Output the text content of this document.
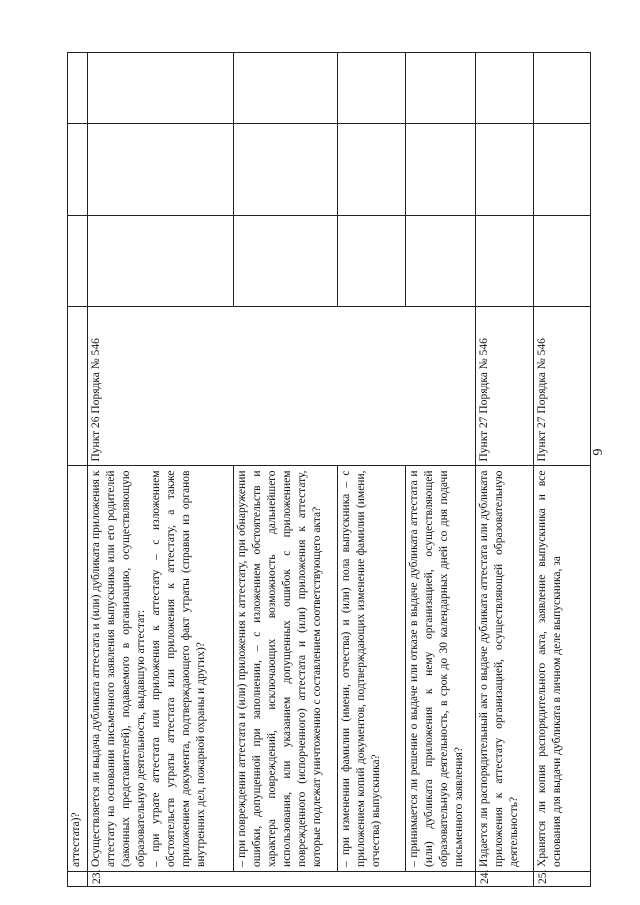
6
	аттестата)?				
23.	Осуществляется ли выдача дубликата аттестата и (или) дубликата приложения к аттестату на основании письменного заявления выпускника или его родителей (законных представителей), подаваемого в организацию, осуществляющую образовательную деятельность, выдавшую аттестат: – при утрате аттестата или приложения к аттестату – с изложением обстоятельств утраты аттестата или приложения к аттестату, а также приложением документа, подтверждающего факт утраты (справки из органов внутренних дел, пожарной охраны и других)?	Пункт 26 Порядка № 546			
	– при повреждении аттестата и (или) приложения к аттестату, при обнаружении ошибки, допущенной при заполнении, – с изложением обстоятельств и характера повреждений, исключающих возможность дальнейшего использования, или указанием допущенных ошибок с приложением поврежденного (испорченного) аттестата и (или) приложения к аттестату, которые подлежат уничтожению с составлением соответствующего акта?				
	– при изменении фамилии (имени, отчества) и (или) пола выпускника – с приложением копий документов, подтверждающих изменение фамилии (имени, отчества) выпускника?				
	– принимается ли решение о выдаче или отказе в выдаче дубликата аттестата и (или) дубликата приложения к нему организацией, осуществляющей образовательную деятельность, в срок до 30 календарных дней со дня подачи письменного заявления?				
24.	Издается ли распорядительный акт о выдаче дубликата аттестата или дубликата приложения к аттестату организацией, осуществляющей образовательную деятельность?	Пункт 27 Порядка № 546			
25.	Хранятся ли копия распорядительного акта, заявление выпускника и все основания для выдачи дубликата в личном деле выпускника, за	Пункт 27 Порядка № 546			
